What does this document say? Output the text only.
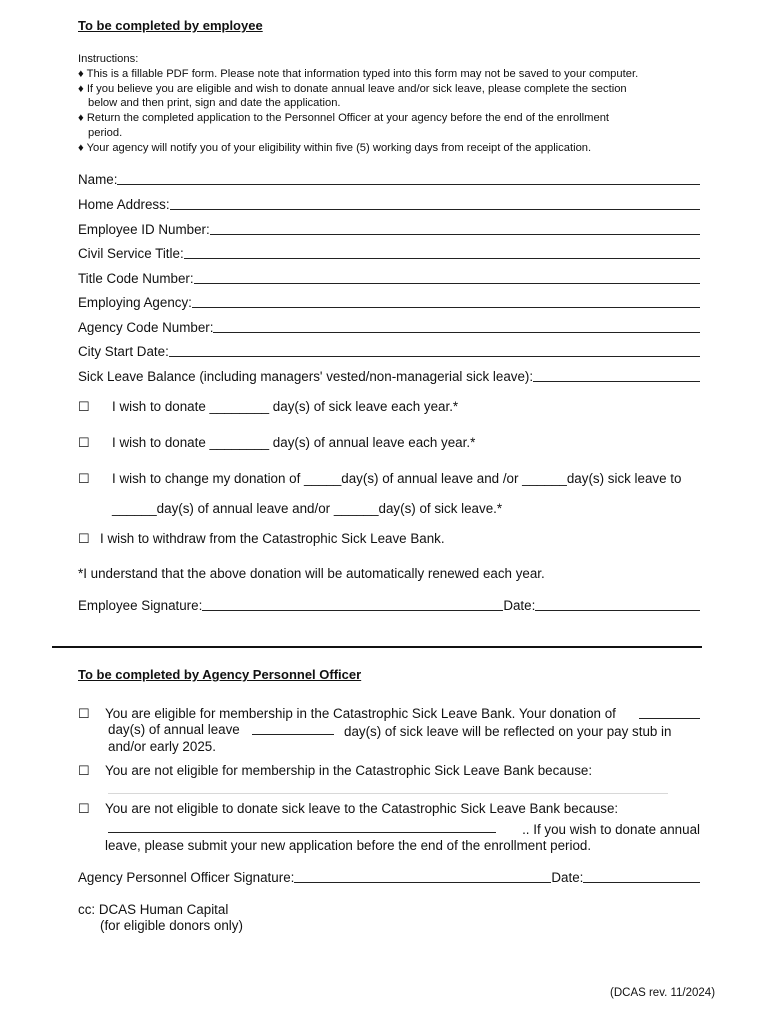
To be completed by employee
Instructions:
♦ This is a fillable PDF form. Please note that information typed into this form may not be saved to your computer.
♦ If you believe you are eligible and wish to donate annual leave and/or sick leave, please complete the section
below and then print, sign and date the application.
♦ Return the completed application to the Personnel Officer at your agency before the end of the enrollment
period.
♦ Your agency will notify you of your eligibility within five (5) working days from receipt of the application.
Name:
Home Address:
Employee ID Number:
Civil Service Title:
Title Code Number:
Employing Agency:
Agency Code Number:
City Start Date:
Sick Leave Balance (including managers' vested/non-managerial sick leave):
☐ I wish to donate ________ day(s) of sick leave each year.*
☐ I wish to donate ________ day(s) of annual leave each year.*
☐ I wish to change my donation of _____day(s) of annual leave and /or ______day(s) sick leave to
______day(s) of annual leave and/or ______day(s) of sick leave.*
☐ I wish to withdraw from the Catastrophic Sick Leave Bank.
*I understand that the above donation will be automatically renewed each year.
Employee Signature:	Date:
To be completed by Agency Personnel Officer
☐ You are eligible for membership in the Catastrophic Sick Leave Bank. Your donation of
day(s) of annual leave	day(s) of sick leave will be reflected on your pay stub in
and/or early 2025.
☐ You are not eligible for membership in the Catastrophic Sick Leave Bank because:
☐ You are not eligible to donate sick leave to the Catastrophic Sick Leave Bank because:
.. If you wish to donate annual
leave, please submit your new application before the end of the enrollment period.
Agency Personnel Officer Signature:	Date:
cc: DCAS Human Capital
(for eligible donors only)
(DCAS rev. 11/2024)
